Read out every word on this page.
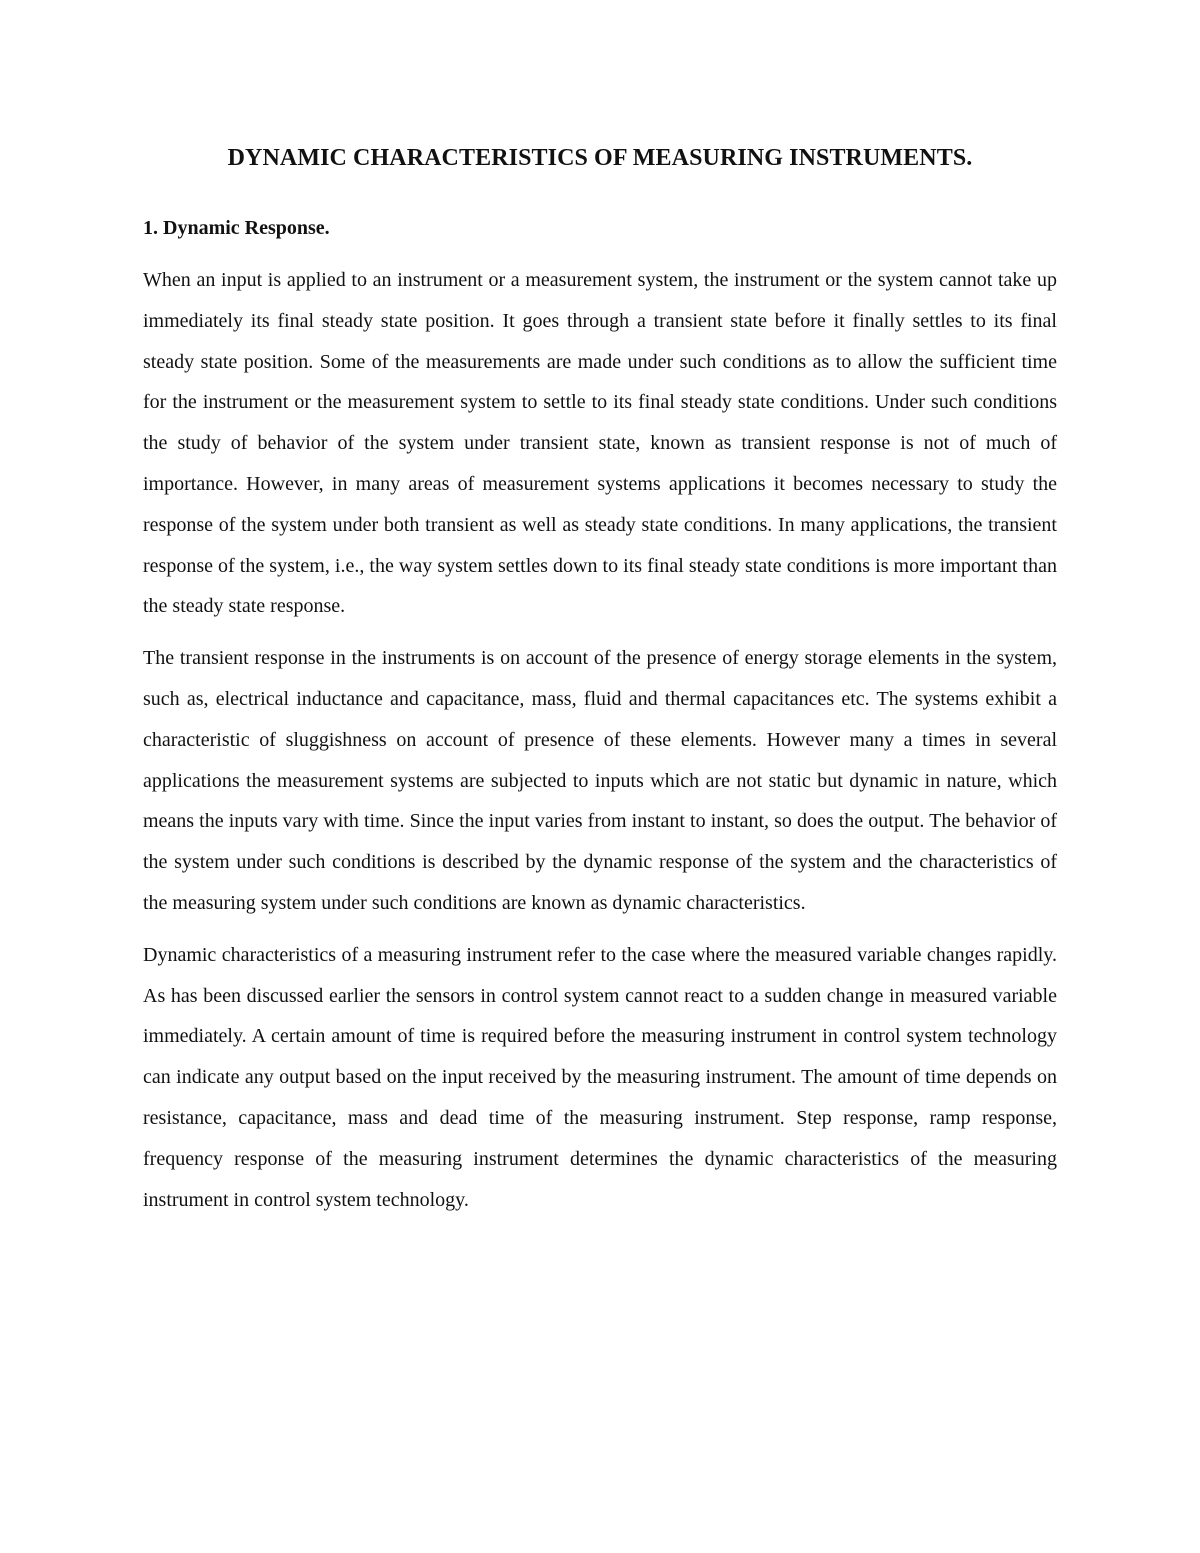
DYNAMIC CHARACTERISTICS OF MEASURING INSTRUMENTS.
1. Dynamic Response.

When an input is applied to an instrument or a measurement system, the instrument or the system cannot take up immediately its final steady state position. It goes through a transient state before it finally settles to its final steady state position. Some of the measurements are made under such conditions as to allow the sufficient time for the instrument or the measurement system to settle to its final steady state conditions. Under such conditions the study of behavior of the system under transient state, known as transient response is not of much of importance. However, in many areas of measurement systems applications it becomes necessary to study the response of the system under both transient as well as steady state conditions. In many applications, the transient response of the system, i.e., the way system settles down to its final steady state conditions is more important than the steady state response.

The transient response in the instruments is on account of the presence of energy storage elements in the system, such as, electrical inductance and capacitance, mass, fluid and thermal capacitances etc. The systems exhibit a characteristic of sluggishness on account of presence of these elements. However many a times in several applications the measurement systems are subjected to inputs which are not static but dynamic in nature, which means the inputs vary with time. Since the input varies from instant to instant, so does the output. The behavior of the system under such conditions is described by the dynamic response of the system and the characteristics of the measuring system under such conditions are known as dynamic characteristics.

Dynamic characteristics of a measuring instrument refer to the case where the measured variable changes rapidly. As has been discussed earlier the sensors in control system cannot react to a sudden change in measured variable immediately. A certain amount of time is required before the measuring instrument in control system technology can indicate any output based on the input received by the measuring instrument. The amount of time depends on resistance, capacitance, mass and dead time of the measuring instrument. Step response, ramp response, frequency response of the measuring instrument determines the dynamic characteristics of the measuring instrument in control system technology.
